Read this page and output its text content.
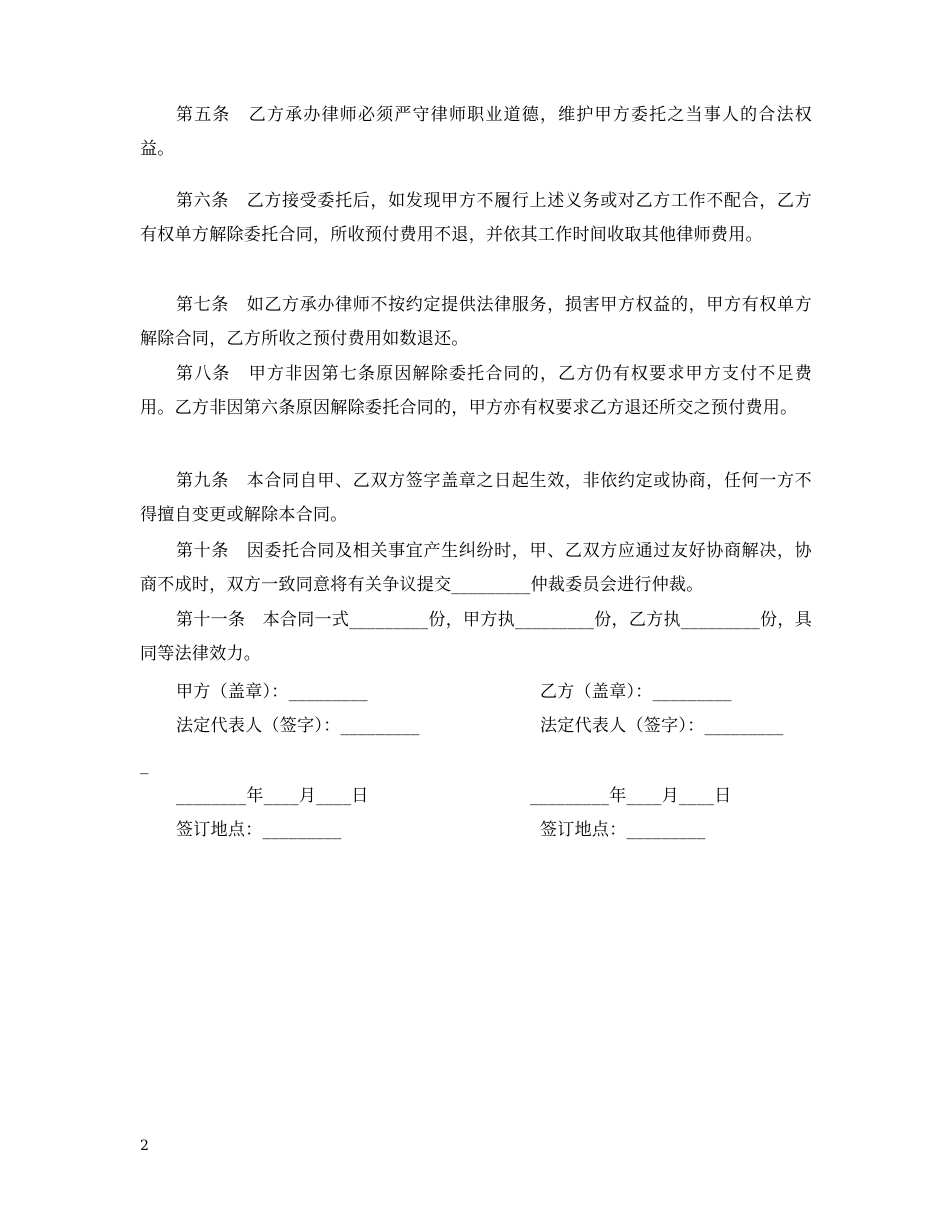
第五条　乙方承办律师必须严守律师职业道德，维护甲方委托之当事人的合法权益。

第六条　乙方接受委托后，如发现甲方不履行上述义务或对乙方工作不配合，乙方有权单方解除委托合同，所收预付费用不退，并依其工作时间收取其他律师费用。

第七条　如乙方承办律师不按约定提供法律服务，损害甲方权益的，甲方有权单方解除合同，乙方所收之预付费用如数退还。

第八条　甲方非因第七条原因解除委托合同的，乙方仍有权要求甲方支付不足费用。乙方非因第六条原因解除委托合同的，甲方亦有权要求乙方退还所交之预付费用。

第九条　本合同自甲、乙双方签字盖章之日起生效，非依约定或协商，任何一方不得擅自变更或解除本合同。

第十条　因委托合同及相关事宜产生纠纷时，甲、乙双方应通过友好协商解决，协商不成时，双方一致同意将有关争议提交_________仲裁委员会进行仲裁。

第十一条　本合同一式_________份，甲方执_________份，乙方执_________份，具同等法律效力。

甲方（盖章）：_________	乙方（盖章）：_________
法定代表人（签字）：_________	法定代表人（签字）：_________
_
________年____月____日	_________年____月____日
签订地点：_________	签订地点：_________
2
